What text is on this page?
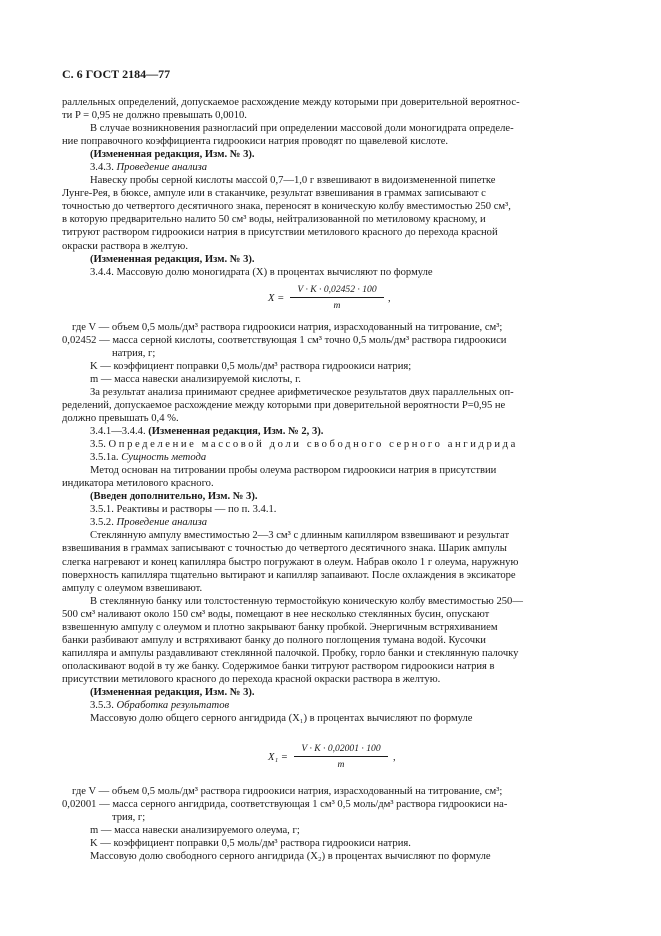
С. 6 ГОСТ 2184—77
раллельных определений, допускаемое расхождение между которыми при доверительной вероятнос-
ти P = 0,95 не должно превышать 0,0010.
В случае возникновения разногласий при определении массовой доли моногидрата определе-
ние поправочного коэффициента гидроокиси натрия проводят по щавелевой кислоте.
(Измененная редакция, Изм. № 3).
3.4.3. Проведение анализа
Навеску пробы серной кислоты массой 0,7—1,0 г взвешивают в видоизмененной пипетке
Лунге-Рея, в бюксе, ампуле или в стаканчике, результат взвешивания в граммах записывают с
точностью до четвертого десятичного знака, переносят в коническую колбу вместимостью 250 см³,
в которую предварительно налито 50 см³ воды, нейтрализованной по метиловому красному, и
титруют раствором гидроокиси натрия в присутствии метилового красного до перехода красной
окраски раствора в желтую.
(Измененная редакция, Изм. № 3).
3.4.4. Массовую долю моногидрата (X) в процентах вычисляют по формуле
X =
V · K · 0,02452 · 100
m
,
где V — объем 0,5 моль/дм³ раствора гидроокиси натрия, израсходованный на титрование, см³;
0,02452 — масса серной кислоты, соответствующая 1 см³ точно 0,5 моль/дм³ раствора гидроокиси
натрия, г;
K — коэффициент поправки 0,5 моль/дм³ раствора гидроокиси натрия;
m — масса навески анализируемой кислоты, г.
За результат анализа принимают среднее арифметическое результатов двух параллельных оп-
ределений, допускаемое расхождение между которыми при доверительной вероятности P=0,95 не
должно превышать 0,4 %.
3.4.1—3.4.4. (Измененная редакция, Изм. № 2, 3).
3.5. Определение массовой доли свободного серного ангидрида
3.5.1а. Сущность метода
Метод основан на титровании пробы олеума раствором гидроокиси натрия в присутствии
индикатора метилового красного.
(Введен дополнительно, Изм. № 3).
3.5.1. Реактивы и растворы — по п. 3.4.1.
3.5.2. Проведение анализа
Стеклянную ампулу вместимостью 2—3 см³ с длинным капилляром взвешивают и результат
взвешивания в граммах записывают с точностью до четвертого десятичного знака. Шарик ампулы
слегка нагревают и конец капилляра быстро погружают в олеум. Набрав около 1 г олеума, наружную
поверхность капилляра тщательно вытирают и капилляр запаивают. После охлаждения в эксикаторе
ампулу с олеумом взвешивают.
В стеклянную банку или толстостенную термостойкую коническую колбу вместимостью 250—
500 см³ наливают около 150 см³ воды, помещают в нее несколько стеклянных бусин, опускают
взвешенную ампулу с олеумом и плотно закрывают банку пробкой. Энергичным встряхиванием
банки разбивают ампулу и встряхивают банку до полного поглощения тумана водой. Кусочки
капилляра и ампулы раздавливают стеклянной палочкой. Пробку, горло банки и стеклянную палочку
ополаскивают водой в ту же банку. Содержимое банки титруют раствором гидроокиси натрия в
присутствии метилового красного до перехода красной окраски раствора в желтую.
(Измененная редакция, Изм. № 3).
3.5.3. Обработка результатов
Массовую долю общего серного ангидрида (X₁) в процентах вычисляют по формуле
X₁ =
V · K · 0,02001 · 100
m
,
где V — объем 0,5 моль/дм³ раствора гидроокиси натрия, израсходованный на титрование, см³;
0,02001 — масса серного ангидрида, соответствующая 1 см³ 0,5 моль/дм³ раствора гидроокиси на-
трия, г;
m — масса навески анализируемого олеума, г;
K — коэффициент поправки 0,5 моль/дм³ раствора гидроокиси натрия.
Массовую долю свободного серного ангидрида (X₂) в процентах вычисляют по формуле
